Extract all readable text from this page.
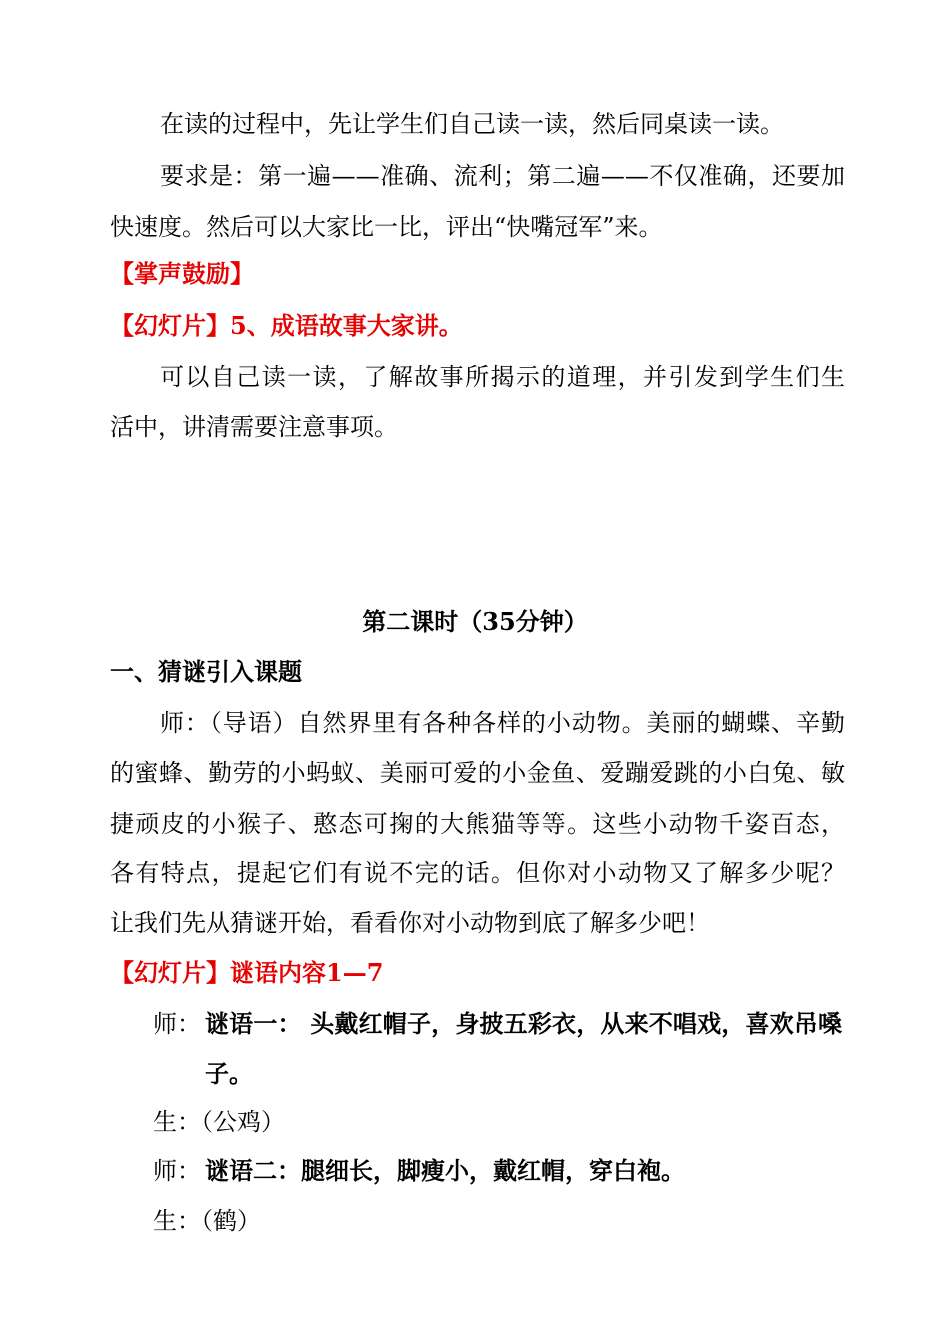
在读的过程中，先让学生们自己读一读，然后同桌读一读。
要求是：第一遍——准确、流利；第二遍——不仅准确，还要加
快速度。然后可以大家比一比，评出“快嘴冠军”来。
【掌声鼓励】
【幻灯片】5、成语故事大家讲。
可以自己读一读，了解故事所揭示的道理，并引发到学生们生
活中，讲清需要注意事项。
第二课时（35分钟）
一、猜谜引入课题
师：（导语）自然界里有各种各样的小动物。美丽的蝴蝶、辛勤
的蜜蜂、勤劳的小蚂蚁、美丽可爱的小金鱼、爱蹦爱跳的小白兔、敏
捷顽皮的小猴子、憨态可掬的大熊猫等等。这些小动物千姿百态，
各有特点，提起它们有说不完的话。但你对小动物又了解多少呢？
让我们先从猜谜开始，看看你对小动物到底了解多少吧！
【幻灯片】谜语内容1—7
师： 谜语一： 头戴红帽子，身披五彩衣，从来不唱戏，喜欢吊嗓
子。
生：（公鸡）
师： 谜语二：腿细长，脚瘦小，戴红帽，穿白袍。
生：（鹤）
